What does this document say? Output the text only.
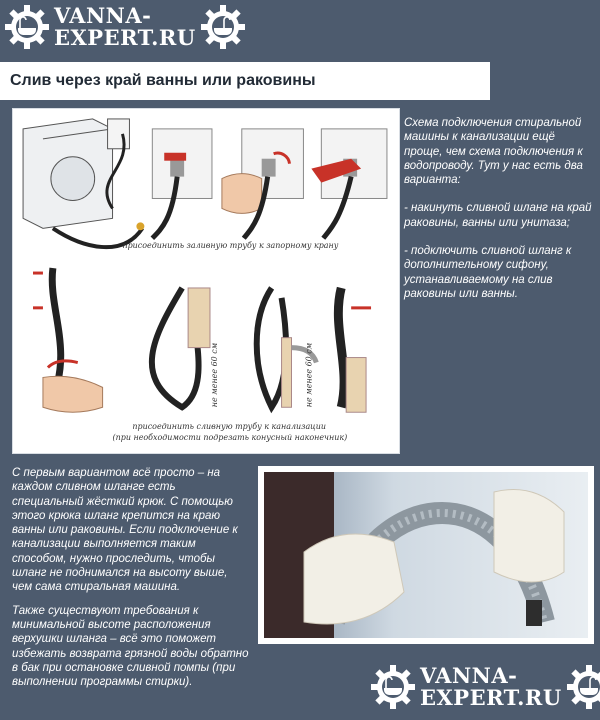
VANNA-
EXPERT.RU
Слив через край ванны или раковины
присоединить заливную трубу к запорному крану
не менее 60 см	не менее 60 см
присоединить сливную трубу к канализации
(при необходимости подрезать конусный наконечник)

Схема подключения стиральной машины к канализации ещё проще, чем схема подключения к водопроводу. Тут у нас есть два варианта:

- накинуть сливной шланг на край раковины, ванны или унитаза;

- подключить сливной шланг к дополнительному сифону, устанавливаемому на слив раковины или ванны.

С первым вариантом всё просто – на каждом сливном шланге есть специальный жёсткий крюк. С помощью этого крюка шланг крепится на краю ванны или раковины. Если подключение к канализации выполняется таким способом, нужно проследить, чтобы шланг не поднимался на высоту выше, чем сама стиральная машина.

Также существуют требования к минимальной высоте расположения верхушки шланга – всё это поможет избежать возврата грязной воды обратно в бак при остановке сливной помпы (при выполнении программы стирки).	VANNA-
EXPERT.RU
